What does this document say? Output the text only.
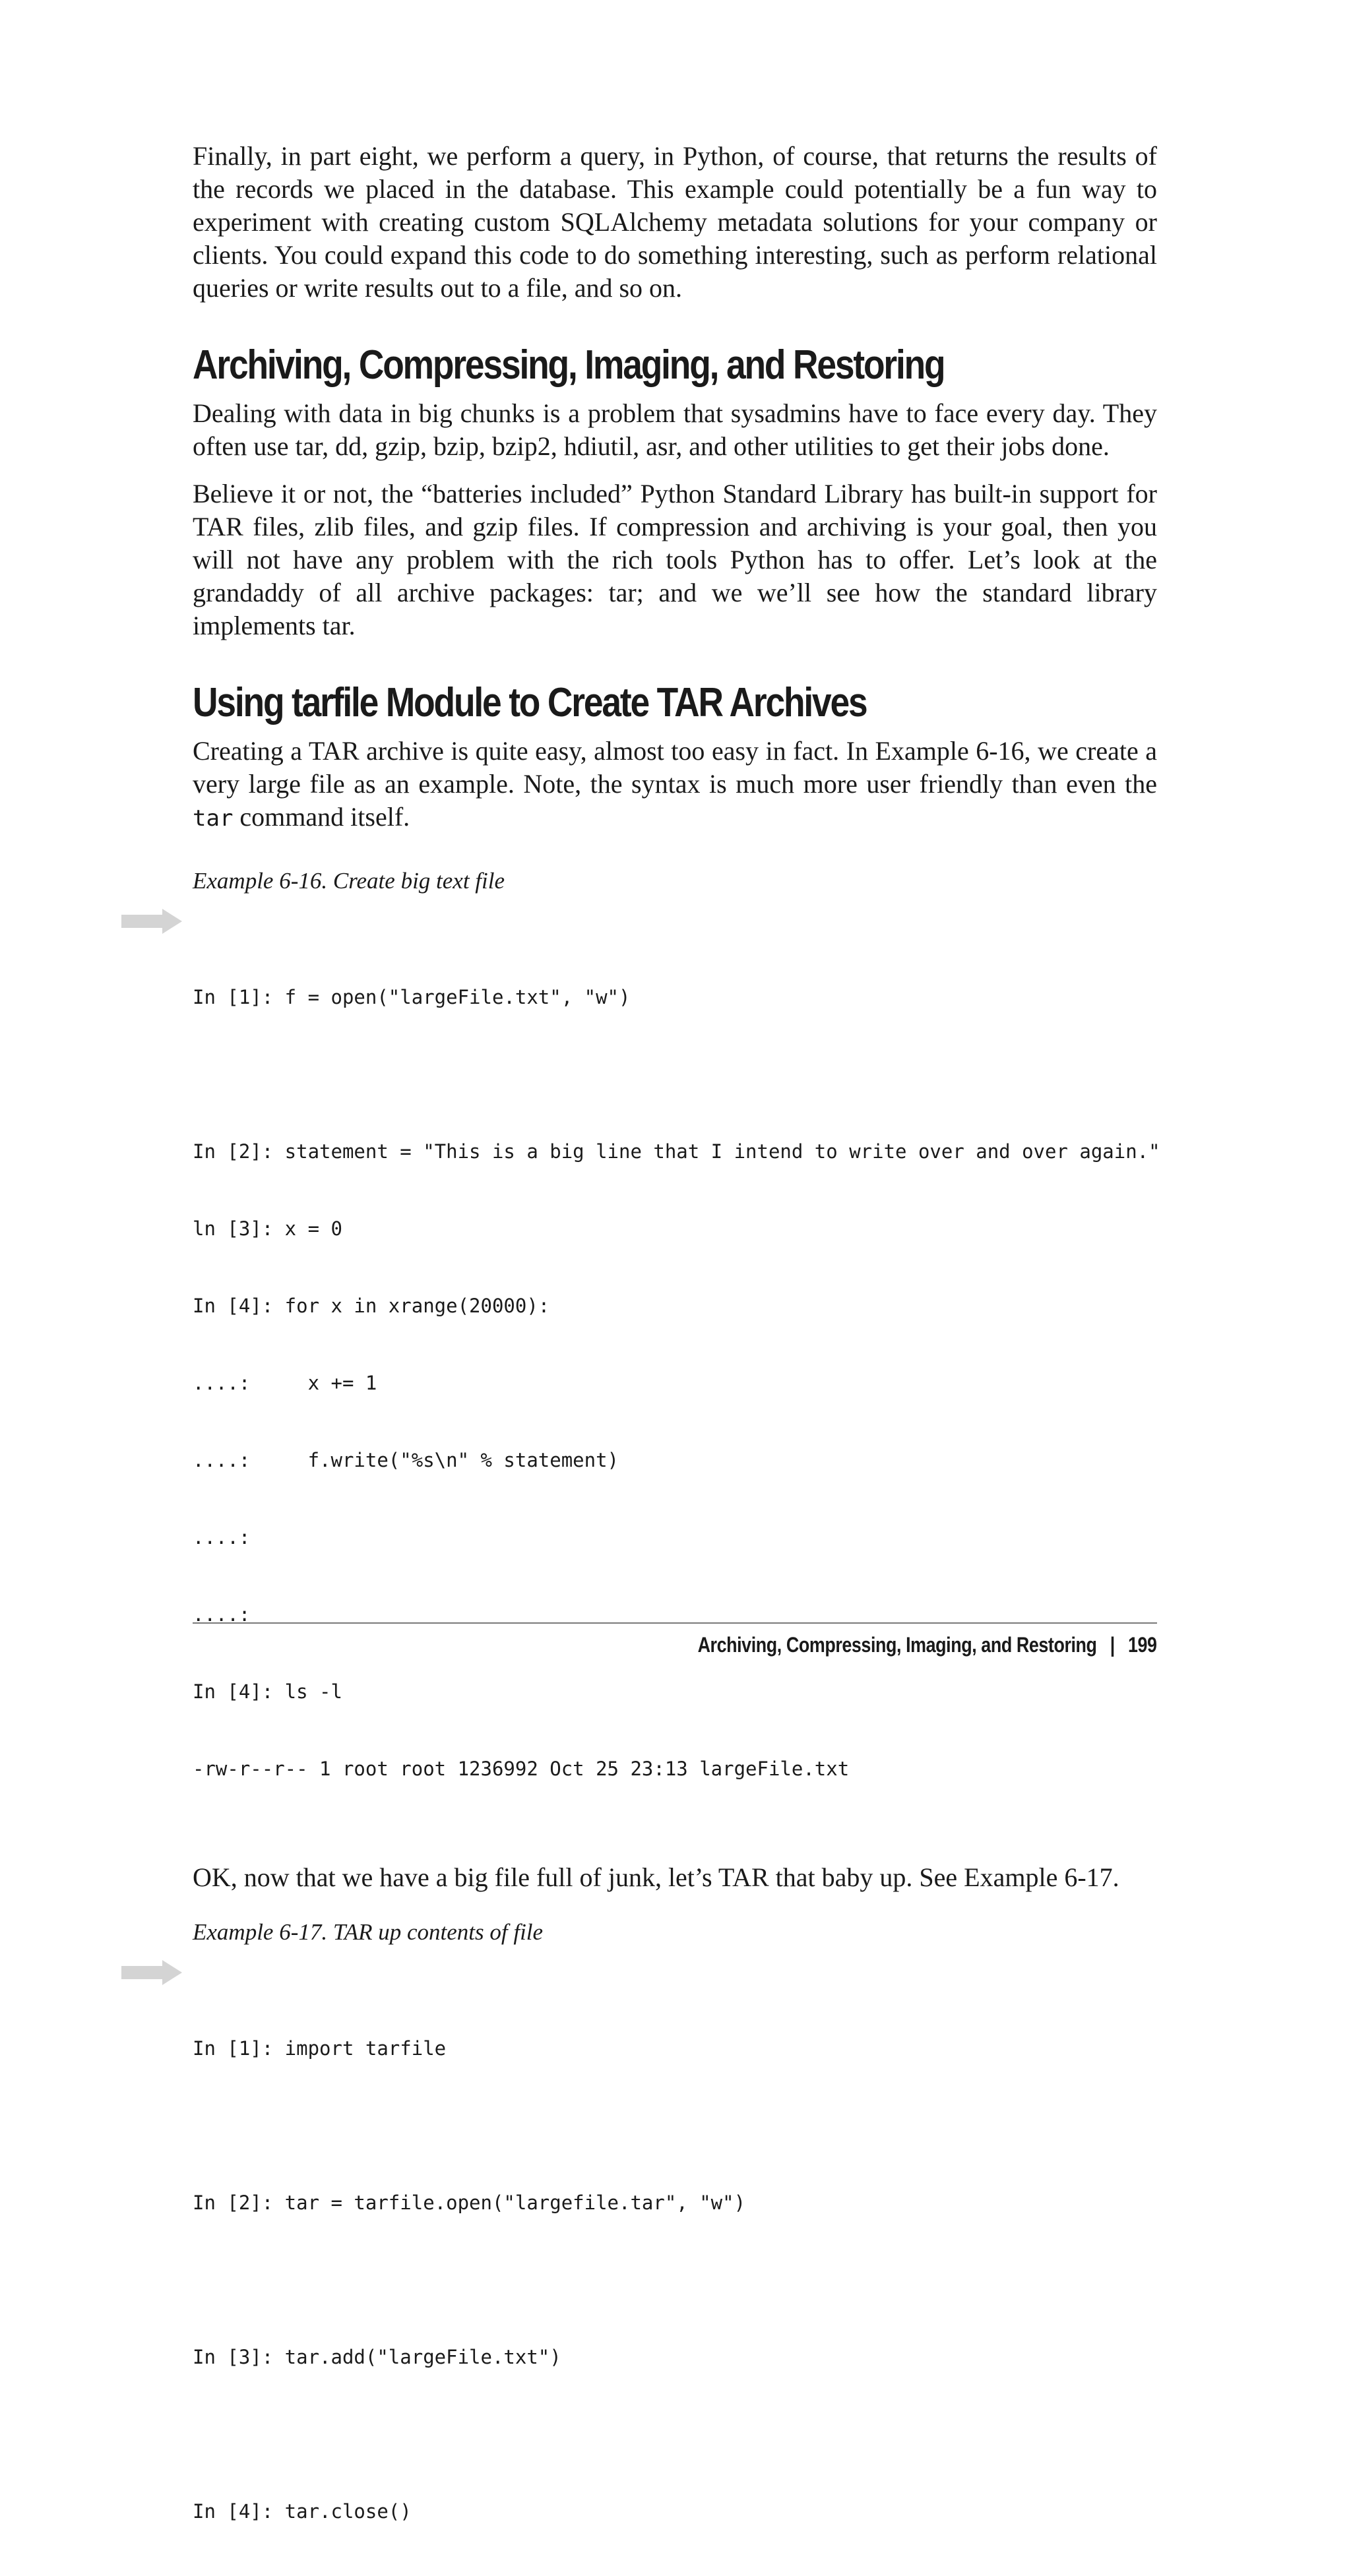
Finally, in part eight, we perform a query, in Python, of course, that returns the results of the records we placed in the database. This example could potentially be a fun way to experiment with creating custom SQLAlchemy metadata solutions for your company or clients. You could expand this code to do something interesting, such as perform relational queries or write results out to a file, and so on.

Archiving, Compressing, Imaging, and Restoring

Dealing with data in big chunks is a problem that sysadmins have to face every day. They often use tar, dd, gzip, bzip, bzip2, hdiutil, asr, and other utilities to get their jobs done.

Believe it or not, the “batteries included” Python Standard Library has built-in support for TAR files, zlib files, and gzip files. If compression and archiving is your goal, then you will not have any problem with the rich tools Python has to offer. Let’s look at the grandaddy of all archive packages: tar; and we we’ll see how the standard library implements tar.

Using tarfile Module to Create TAR Archives

Creating a TAR archive is quite easy, almost too easy in fact. In Example 6-16, we create a very large file as an example. Note, the syntax is much more user friendly than even the tar command itself.

Example 6-16. Create big text file

In [1]: f = open("largeFile.txt", "w")

In [2]: statement = "This is a big line that I intend to write over and over again."

ln [3]: x = 0

In [4]: for x in xrange(20000):

....:     x += 1

....:     f.write("%s\n" % statement)

....:

....:

In [4]: ls -l

-rw-r--r-- 1 root root 1236992 Oct 25 23:13 largeFile.txt

OK, now that we have a big file full of junk, let’s TAR that baby up. See Example 6-17.

Example 6-17. TAR up contents of file

In [1]: import tarfile

In [2]: tar = tarfile.open("largefile.tar", "w")

In [3]: tar.add("largeFile.txt")

In [4]: tar.close()

Archiving, Compressing, Imaging, and Restoring | 199
